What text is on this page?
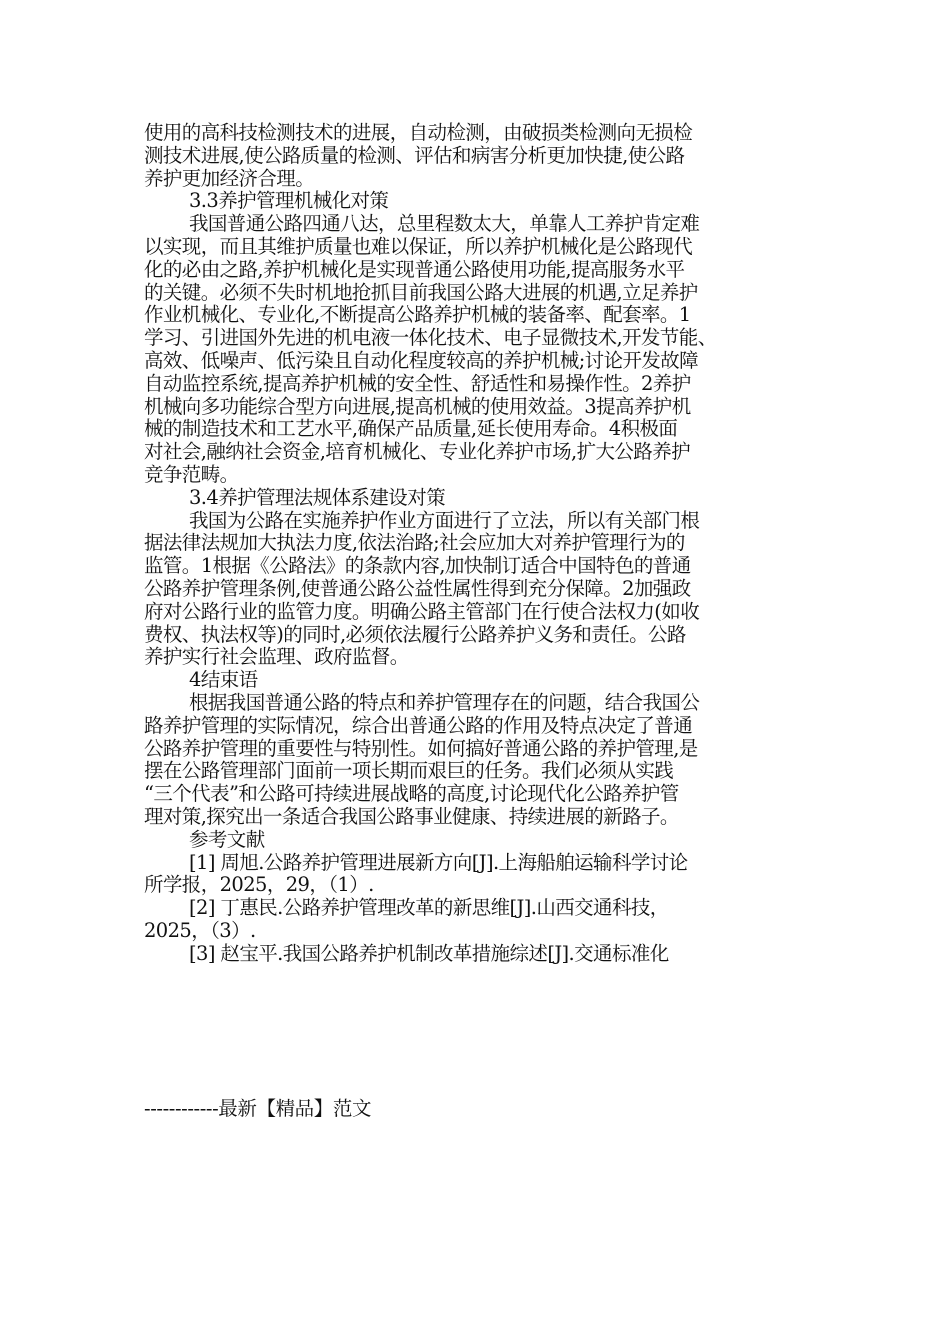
使用的高科技检测技术的进展，自动检测，由破损类检测向无损检
测技术进展,使公路质量的检测、评估和病害分析更加快捷,使公路
养护更加经济合理。
3.3养护管理机械化对策
我国普通公路四通八达，总里程数太大，单靠人工养护肯定难
以实现，而且其维护质量也难以保证，所以养护机械化是公路现代
化的必由之路,养护机械化是实现普通公路使用功能,提高服务水平
的关键。必须不失时机地抢抓目前我国公路大进展的机遇,立足养护
作业机械化、专业化,不断提高公路养护机械的装备率、配套率。1
学习、引进国外先进的机电液一体化技术、电子显微技术,开发节能、
高效、低噪声、低污染且自动化程度较高的养护机械;讨论开发故障
自动监控系统,提高养护机械的安全性、舒适性和易操作性。2养护
机械向多功能综合型方向进展,提高机械的使用效益。3提高养护机
械的制造技术和工艺水平,确保产品质量,延长使用寿命。4积极面
对社会,融纳社会资金,培育机械化、专业化养护市场,扩大公路养护
竞争范畴。
3.4养护管理法规体系建设对策
我国为公路在实施养护作业方面进行了立法，所以有关部门根
据法律法规加大执法力度,依法治路;社会应加大对养护管理行为的
监管。1根据《公路法》的条款内容,加快制订适合中国特色的普通
公路养护管理条例,使普通公路公益性属性得到充分保障。2加强政
府对公路行业的监管力度。明确公路主管部门在行使合法权力(如收
费权、执法权等)的同时,必须依法履行公路养护义务和责任。公路
养护实行社会监理、政府监督。
4结束语
根据我国普通公路的特点和养护管理存在的问题，结合我国公
路养护管理的实际情况，综合出普通公路的作用及特点决定了普通
公路养护管理的重要性与特别性。如何搞好普通公路的养护管理,是
摆在公路管理部门面前一项长期而艰巨的任务。我们必须从实践
“三个代表”和公路可持续进展战略的高度,讨论现代化公路养护管
理对策,探究出一条适合我国公路事业健康、持续进展的新路子。
参考文献
[1] 周旭.公路养护管理进展新方向[J].上海船舶运输科学讨论
所学报，2025，29，（1）.
[2] 丁惠民.公路养护管理改革的新思维[J].山西交通科技，
2025，（3）.
[3] 赵宝平.我国公路养护机制改革措施综述[J].交通标准化
------------最新【精品】范文
